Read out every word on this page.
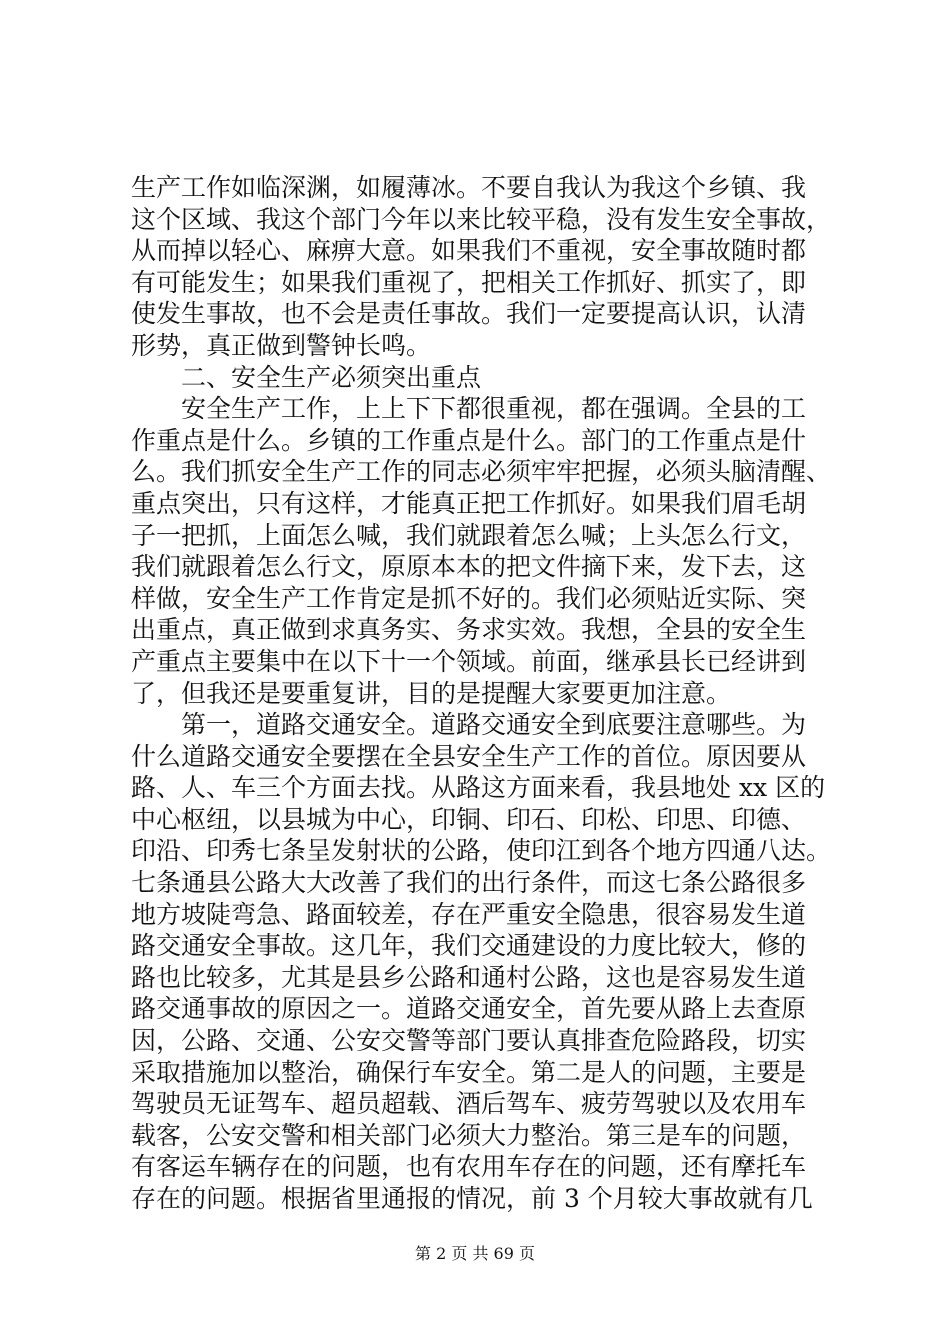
生产工作如临深渊，如履薄冰。不要自我认为我这个乡镇、我
这个区域、我这个部门今年以来比较平稳，没有发生安全事故，
从而掉以轻心、麻痹大意。如果我们不重视，安全事故随时都
有可能发生；如果我们重视了，把相关工作抓好、抓实了，即
使发生事故，也不会是责任事故。我们一定要提高认识，认清
形势，真正做到警钟长鸣。
二、安全生产必须突出重点
安全生产工作，上上下下都很重视，都在强调。全县的工
作重点是什么。乡镇的工作重点是什么。部门的工作重点是什
么。我们抓安全生产工作的同志必须牢牢把握，必须头脑清醒、
重点突出，只有这样，才能真正把工作抓好。如果我们眉毛胡
子一把抓，上面怎么喊，我们就跟着怎么喊；上头怎么行文，
我们就跟着怎么行文，原原本本的把文件摘下来，发下去，这
样做，安全生产工作肯定是抓不好的。我们必须贴近实际、突
出重点，真正做到求真务实、务求实效。我想，全县的安全生
产重点主要集中在以下十一个领域。前面，继承县长已经讲到
了，但我还是要重复讲，目的是提醒大家要更加注意。
第一，道路交通安全。道路交通安全到底要注意哪些。为
什么道路交通安全要摆在全县安全生产工作的首位。原因要从
路、人、车三个方面去找。从路这方面来看，我县地处 xx 区的
中心枢纽，以县城为中心，印铜、印石、印松、印思、印德、
印沿、印秀七条呈发射状的公路，使印江到各个地方四通八达。
七条通县公路大大改善了我们的出行条件，而这七条公路很多
地方坡陡弯急、路面较差，存在严重安全隐患，很容易发生道
路交通安全事故。这几年，我们交通建设的力度比较大，修的
路也比较多，尤其是县乡公路和通村公路，这也是容易发生道
路交通事故的原因之一。道路交通安全，首先要从路上去查原
因，公路、交通、公安交警等部门要认真排查危险路段，切实
采取措施加以整治，确保行车安全。第二是人的问题，主要是
驾驶员无证驾车、超员超载、酒后驾车、疲劳驾驶以及农用车
载客，公安交警和相关部门必须大力整治。第三是车的问题，
有客运车辆存在的问题，也有农用车存在的问题，还有摩托车
存在的问题。根据省里通报的情况，前 3 个月较大事故就有几
第 2 页 共 69 页
